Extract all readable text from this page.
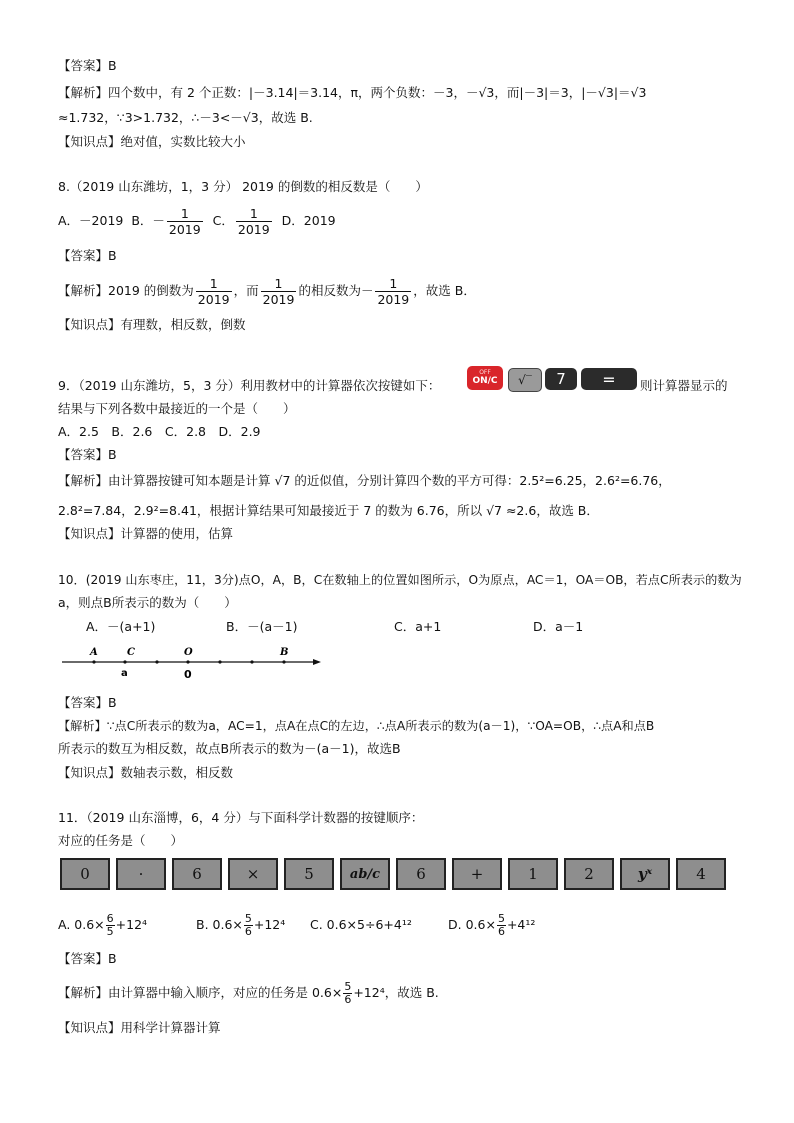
【答案】B
【解析】四个数中，有 2 个正数：|－3.14|＝3.14，π，两个负数：－3，－√3，而|－3|＝3，|－√3|＝√3
≈1.732，∵3>1.732，∴－3<－√3，故选 B.
【知识点】绝对值，实数比较大小
8.（2019 山东潍坊，1，3 分） 2019 的倒数的相反数是（　　）
A．－2019 B．－ $\frac{1}{2019}$ C． $\frac{1}{2019}$ D．2019
【答案】B
【解析】2019 的倒数为 $\frac{1}{2019}$ ，而 $\frac{1}{2019}$ 的相反数为－ $\frac{1}{2019}$ ，故选 B．
【知识点】有理数，相反数，倒数
9．（2019 山东潍坊，5，3 分）利用教材中的计算器依次按键如下：
OFF
ON/C	√‾	7	=	则计算器显示的
结果与下列各数中最接近的一个是（　　）
A．2.5　B．2.6　C．2.8　D．2.9
【答案】B
【解析】由计算器按键可知本题是计算 √7 的近似值，分别计算四个数的平方可得：2.5²=6.25，2.6²=6.76，
2.8²=7.84，2.9²=8.41，根据计算结果可知最接近于 7 的数为 6.76，所以 √7 ≈2.6，故选 B．
【知识点】计算器的使用，估算
10．(2019 山东枣庄，11，3分)点O，A，B，C在数轴上的位置如图所示，O为原点，AC＝1，OA＝OB，若点C所表示的数为
a，则点B所表示的数为（　　）
A．－(a+1)	B．－(a－1)	C．a+1	D．a－1
A	C	O	B
a	0
【答案】B
【解析】∵点C所表示的数为a，AC=1，点A在点C的左边，∴点A所表示的数为(a－1)，∵OA=OB，∴点A和点B
所表示的数互为相反数，故点B所表示的数为－(a－1)，故选B
【知识点】数轴表示数，相反数
11．（2019 山东淄博，6，4 分）与下面科学计数器的按键顺序：
对应的任务是（　　）
0	·	6	×	5	ab/c	6	+	1	2	yˣ	4
A. $0.6\times \frac{6}{5} +12^4$	B. $0.6\times \frac{5}{6} +12^4$ C. 0.6×5÷6+4¹²	D. $0.6\times \frac{5}{6} +4^{12}$
【答案】B
【解析】由计算器中输入顺序，对应的任务是 $0.6\times \frac{5}{6} +12^4$，故选 B.
【知识点】用科学计算器计算
